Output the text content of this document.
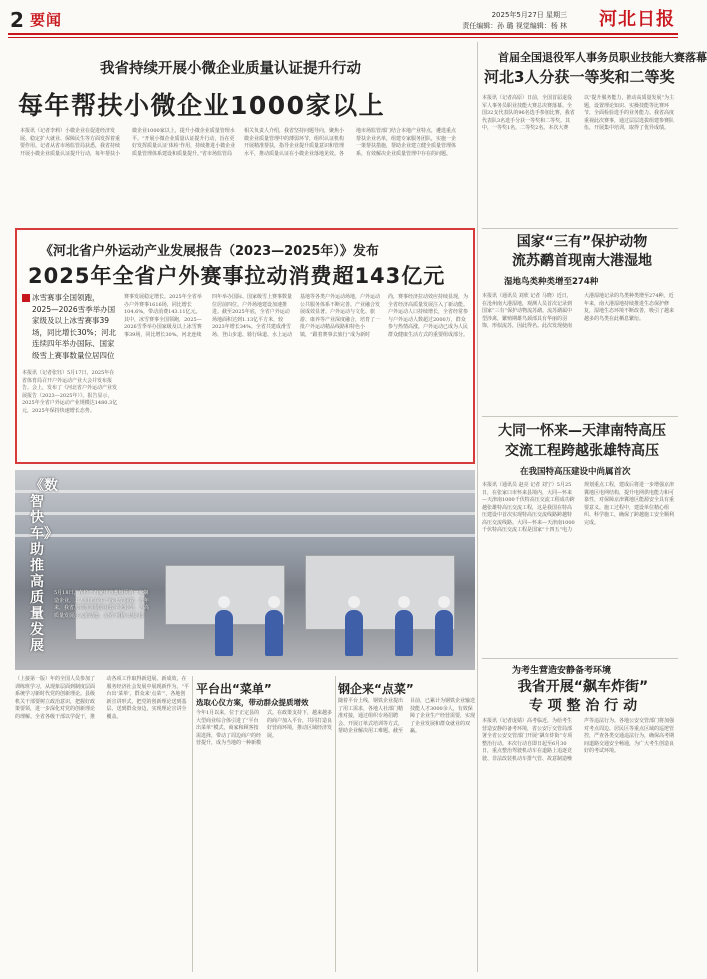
2 要闻	2025年5月27日 星期三
责任编辑：孙 璐 视觉编辑：杨 林 河北日报
我省持续开展小微企业质量认证提升行动
每年帮扶小微企业1000家以上
本报讯（记者李莉）小微企业在促进经济发展、稳定扩大就业、保障民生等方面发挥着重要作用。记者从省市场监管局获悉，我省持续开展小微企业质量认证提升行动，每年帮扶小微企业1000家以上，提升小微企业质量管理水平。“开展小微企业质量认证提升行动，旨在更好发挥质量认证‘体检’作用，持续推进小微企业质量管理体系建设和质量提升。”省市场监管局相关负责人介绍，我省坚持问题导向，聚焦小微企业质量管理中的薄弱环节，组织认证机构开展精准帮扶，指导企业提升质量意识和管理水平，推动质量认证在小微企业落地见效。各地市场监管部门结合本地产业特点，遴选重点帮扶企业名单，组建专家服务团队，实施一企一策帮扶措施，帮助企业建立健全质量管理体系，有效解决企业质量管理中存在的问题。
首届全国退役军人事务员职业技能大赛落幕
河北3人分获一等奖和二等奖
本报讯（记者高原）日前，全国首届退役军人事务员职业技能大赛总决赛落幕。全国32支代表队的96名选手参加比赛，我省代表队3名选手分获一等奖和二等奖。其中，一等奖1名，二等奖2名。本次大赛以“提升服务能力，推动高质量发展”为主题，设置理论知识、实操技能等比赛环节，全面检验选手的业务能力。我省高度重视此次赛事，通过层层选拔组建参赛队伍，开展集中培训，取得了优异成绩。
《河北省户外运动产业发展报告（2023—2025年）》发布
2025年全省户外赛事拉动消费超143亿元
冰雪赛事全国领跑，2025—2026雪季举办国家级及以上冰雪赛事39场，同比增长30%；河北连续四年举办国际、国家级雪上赛事数量位居四位
本报讯（记者张钰）5月17日，2025年在省体育局召开户外运动产业大会并发布报告。会上，发布了《河北省户外运动产业发展报告（2023—2025年）》。报告显示，2025年全省户外运动产业规模达1480.3亿元，2025年保持快速增长态势。
赛事发展稳定增长。2025年全省举办户外赛事1616场，同比增长104.6%，带动消费143.11亿元。其中，冰雪赛事全国领跑，2025—2026雪季举办国家级及以上冰雪赛事39场，同比增长30%。河北连续四年举办国际、国家级雪上赛事数量位居前四位。户外场地建设加速推进。截至2025年底，全省户外运动场地面积达到1.13亿平方米，较2023年增长34%。全省共建成滑雪场、登山步道、骑行绿道、水上运动基地等各类户外运动场地，户外运动公共服务体系不断完善。产业融合发展成效显著。户外运动与文化、旅游、康养等产业深度融合，培育了一批户外运动精品线路和特色小镇，“跟着赛事去旅行”成为新时尚，赛事经济拉动效应持续显现，为全省经济高质量发展注入了新动能。户外运动人口持续增长，全省经常参与户外运动人数超过2000万，群众参与热情高涨，户外运动已成为人民群众健康生活方式的重要组成部分。
国家“三有”保护动物
流苏鹬首现南大港湿地
湿地鸟类种类增至274种
本报讯（通讯员 刘欣 记者 马晓）近日，在沧州南大港湿地，观测人员首次记录到国家“三有”保护动物流苏鹬。流苏鹬属中型涉禽，繁殖期雄鸟颈部具有华丽的羽饰，形似流苏，因此得名。此次发现使南大港湿地记录的鸟类种类增至274种。近年来，南大港湿地持续推进生态保护修复，湿地生态环境不断改善，吸引了越来越多的鸟类在此栖息繁衍。
大同一怀来—天津南特高压
交流工程跨越张雄特高压
在我国特高压建设中尚属首次
本报讯（通讯员 赵亮 记者 刘宁）5月25日，在张家口市怀来县境内，大同—怀来—天津南1000千伏特高压交流工程成功跨越张雄特高压交流工程，这是我国在特高压建设中首次实现特高压交流线路跨越特高压交流线路。大同—怀来—天津南1000千伏特高压交流工程是国家“十四五”电力规划重点工程，建成后将进一步增强京津冀地区电网结构，提升电网供电能力和可靠性，对保障京津冀地区能源安全具有重要意义。施工过程中，建设单位精心组织、科学施工，确保了跨越施工安全顺利完成。
《数智快车》助推高质量发展
5月18日，在位于石家庄市藁城区的一家制造企业，工人们正在生产线上忙碌着。近年来，我省加快推进制造业数字化转型，为高质量发展注入新动能。记者 何帆 史晨 摄
（上接第一版）年的全国人员参加了训练班学习，从现象层面到制度层面系统学习新时代党的创新理论。县级机关干部要树立政治意识，把握好政策要领，进一步深化对党的创新理论的理解。全省各级干部以学促干，推动各项工作取得新进展、新成效，在服务经济社会发展中展现新作为。“平台出‘菜单’，群众来‘点菜’”，各地创新宣讲形式，把党的创新理论送到基层、送到群众身边，实现理论宣讲全覆盖。
平台出“菜单”
选取心仪方案，带动群众提质增效
今年1月以来，位于正定县的大型商业综合体引进了“平台出菜单”模式，商家和顾客按需选择，带动了周边商户的经营提升，成为当地的一种新模式。在政策支持下，越来越多的商户加入平台，共同打造良好营商环境，推动区域经济发展。
钢企来“点菜”
随着平台上线，钢铁企业提出了用工需求，各地人社部门精准对接，通过组织专场招聘会、开展订单式培训等方式，帮助企业解决用工难题。截至目前，已累计为钢铁企业输送技能人才3000余人，有效保障了企业生产经营需要，实现了企业发展和群众就业的双赢。
为考生营造安静备考环境
我省开展“飙车炸街”
专 项 整 治 行 动
本报讯（记者庞婧）高考临近，为给考生营造安静的备考环境，省公安厅交管局部署全省公安交管部门开展“飙车炸街”专项整治行动。本次行动自即日起至6月30日，重点整治驾驶机动车在道路上追逐竞驶、非法改装机动车排气管、故意制造噪声等违法行为。各地公安交管部门将加强对考点周边、居民区等重点区域的巡逻管控，严查各类交通违法行为，确保高考期间道路交通安全畅通，为广大考生创造良好的考试环境。
